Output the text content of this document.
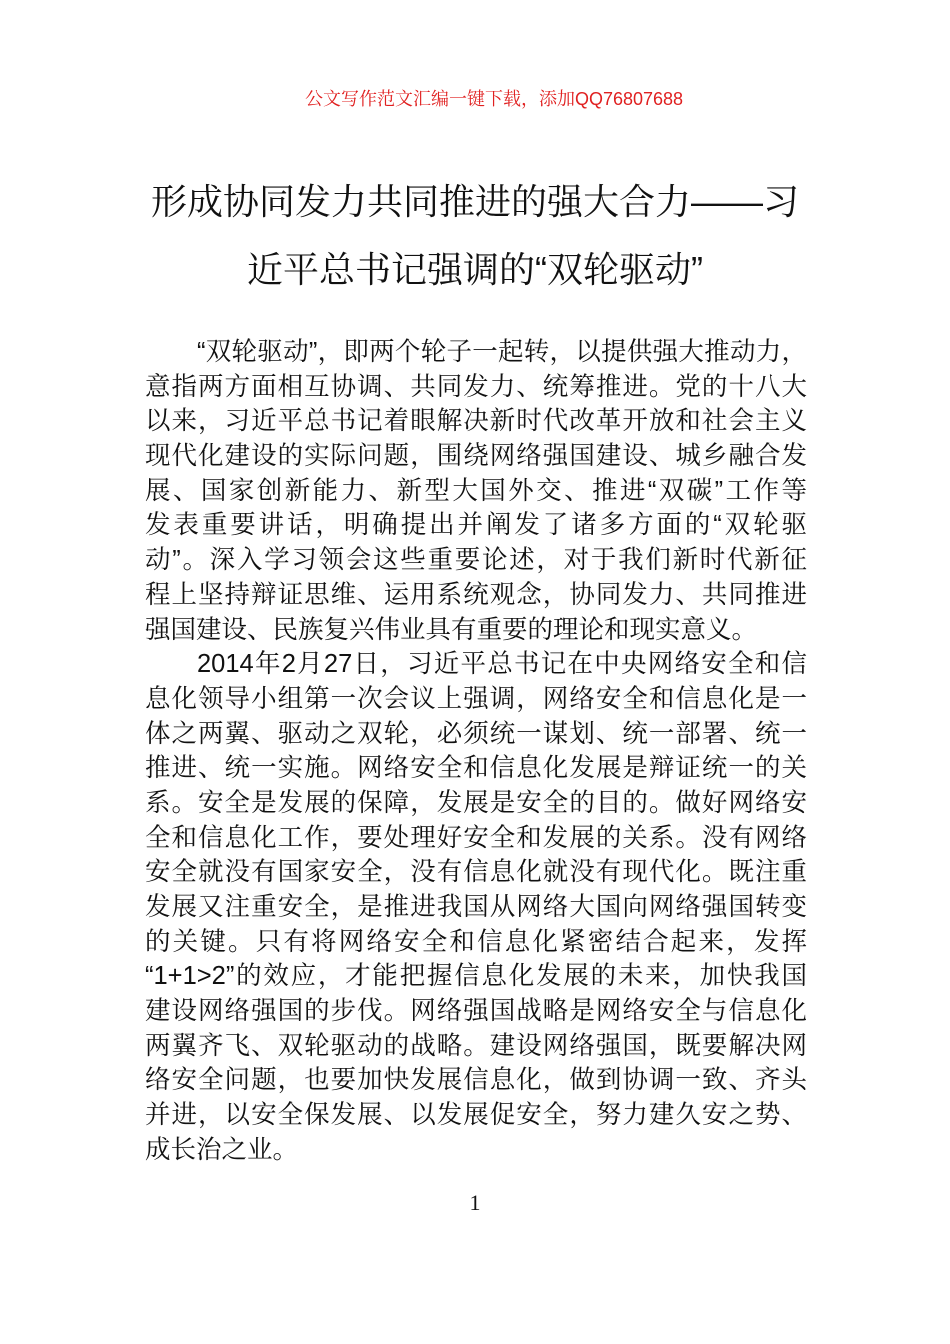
公文写作范文汇编一键下载，添加QQ76807688
形成协同发力共同推进的强大合力——习
近平总书记强调的“双轮驱动”
“双轮驱动”，即两个轮子一起转，以提供强大推动力，
意指两方面相互协调、共同发力、统筹推进。党的十八大
以来，习近平总书记着眼解决新时代改革开放和社会主义
现代化建设的实际问题，围绕网络强国建设、城乡融合发
展、国家创新能力、新型大国外交、推进“双碳”工作等
发表重要讲话，明确提出并阐发了诸多方面的“双轮驱
动”。深入学习领会这些重要论述，对于我们新时代新征
程上坚持辩证思维、运用系统观念，协同发力、共同推进
强国建设、民族复兴伟业具有重要的理论和现实意义。
2014年2月27日，习近平总书记在中央网络安全和信
息化领导小组第一次会议上强调，网络安全和信息化是一
体之两翼、驱动之双轮，必须统一谋划、统一部署、统一
推进、统一实施。网络安全和信息化发展是辩证统一的关
系。安全是发展的保障，发展是安全的目的。做好网络安
全和信息化工作，要处理好安全和发展的关系。没有网络
安全就没有国家安全，没有信息化就没有现代化。既注重
发展又注重安全，是推进我国从网络大国向网络强国转变
的关键。只有将网络安全和信息化紧密结合起来，发挥
“1+1>2”的效应，才能把握信息化发展的未来，加快我国
建设网络强国的步伐。网络强国战略是网络安全与信息化
两翼齐飞、双轮驱动的战略。建设网络强国，既要解决网
络安全问题，也要加快发展信息化，做到协调一致、齐头
并进，以安全保发展、以发展促安全，努力建久安之势、
成长治之业。
1
